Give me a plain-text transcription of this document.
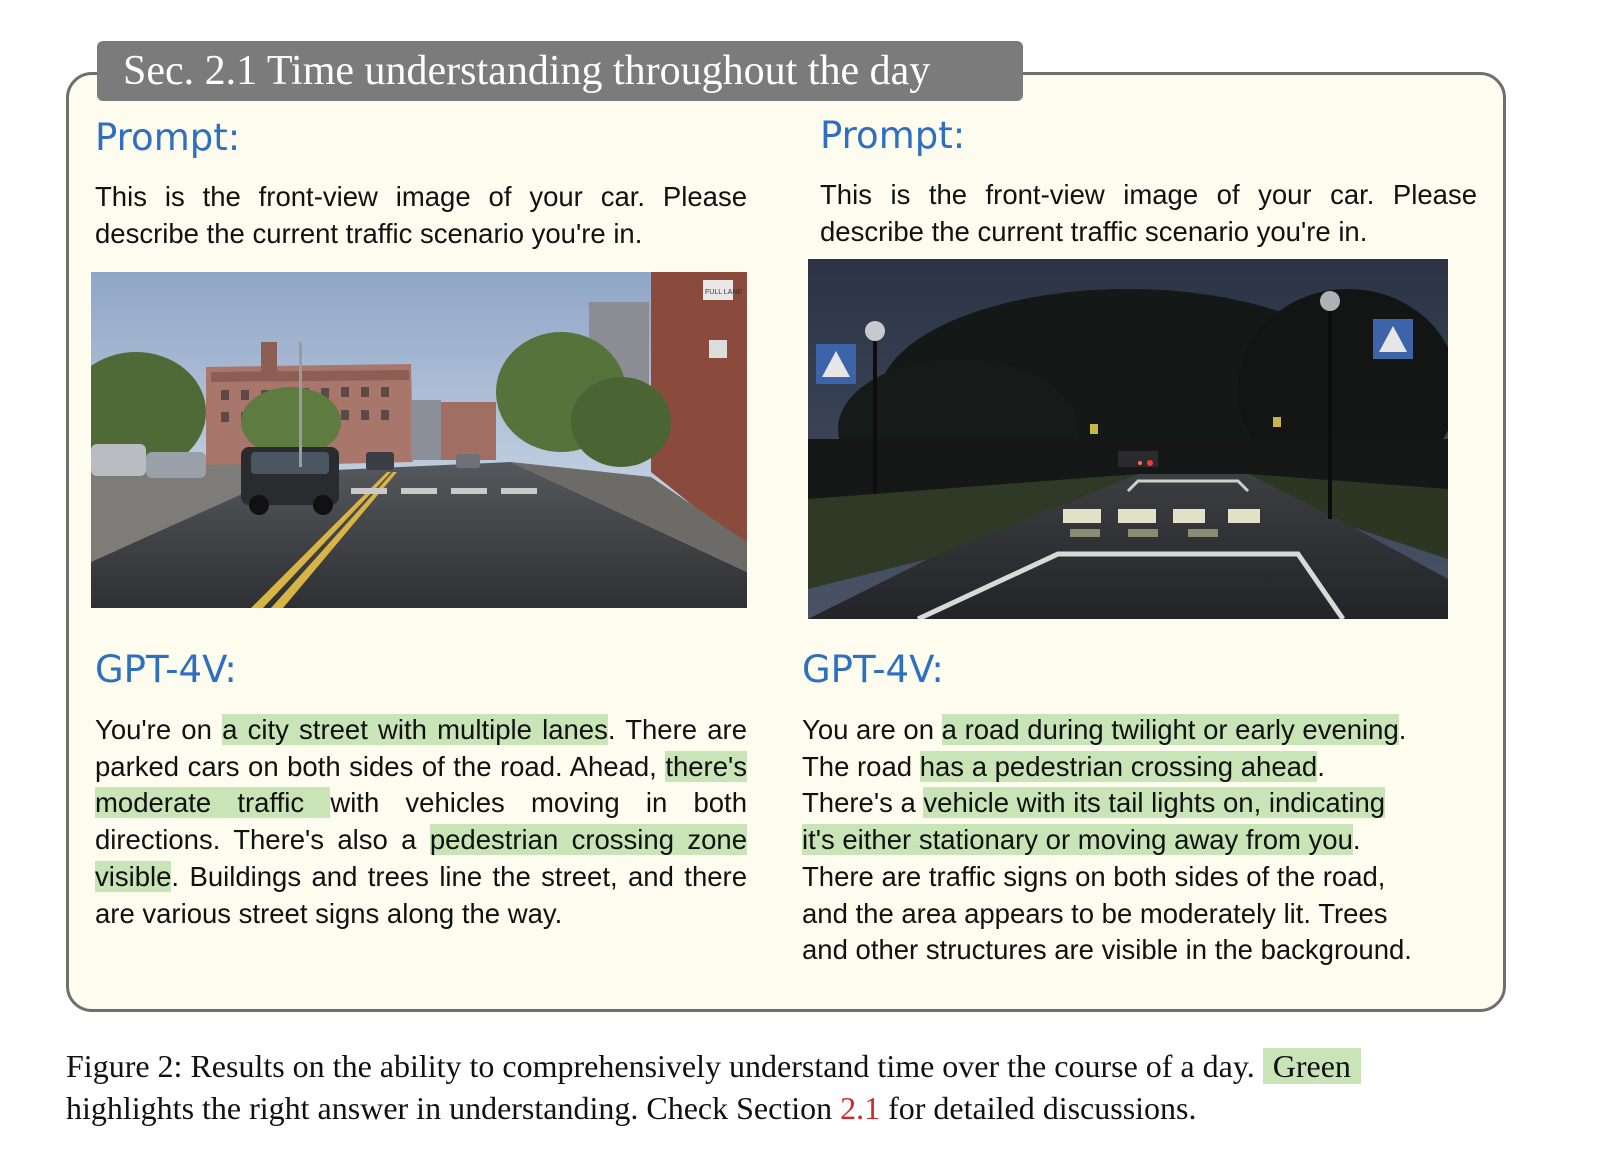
Sec. 2.1 Time understanding throughout the day
Prompt:
This is the front-view image of your car. Please describe the current traffic scenario you're in.
FULL LANE
GPT-4V:
You're on a city street with multiple lanes. There are parked cars on both sides of the road. Ahead, there's moderate traffic with vehicles moving in both directions. There's also a pedestrian crossing zone visible. Buildings and trees line the street, and there are various street signs along the way.
Prompt:
This is the front-view image of your car. Please describe the current traffic scenario you're in.
GPT-4V:
You are on a road during twilight or early evening.
The road has a pedestrian crossing ahead.
There's a vehicle with its tail lights on, indicating
it's either stationary or moving away from you.
There are traffic signs on both sides of the road,
and the area appears to be moderately lit. Trees
and other structures are visible in the background.
Figure 2: Results on the ability to comprehensively understand time over the course of a day. Green
highlights the right answer in understanding. Check Section 2.1 for detailed discussions.
